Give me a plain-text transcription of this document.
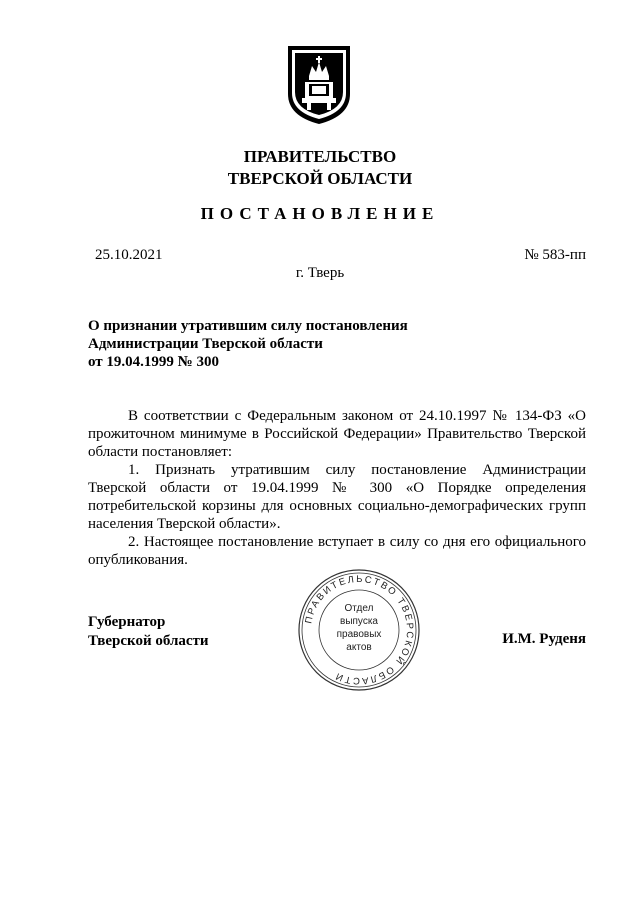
ПРАВИТЕЛЬСТВО
ТВЕРСКОЙ ОБЛАСТИ
ПОСТАНОВЛЕНИЕ
25.10.2021	№ 583-пп
г. Тверь
О признании утратившим силу постановления
Администрации Тверской области
от 19.04.1999 № 300

В соответствии с Федеральным законом от 24.10.1997 № 134-ФЗ «О прожиточном минимуме в Российской Федерации» Правительство Тверской области постановляет:

1. Признать утратившим силу постановление Администрации Тверской области от 19.04.1999 № 300 «О Порядке определения потребительской корзины для основных социально-демографических групп населения Тверской области».

2. Настоящее постановление вступает в силу со дня его официального опубликования.

Губернатор
Тверской области	И.М. Руденя
ПРАВИТЕЛЬСТВО ТВЕРСКОЙ ОБЛАСТИ
Отдел
выпуска
правовых
актов
